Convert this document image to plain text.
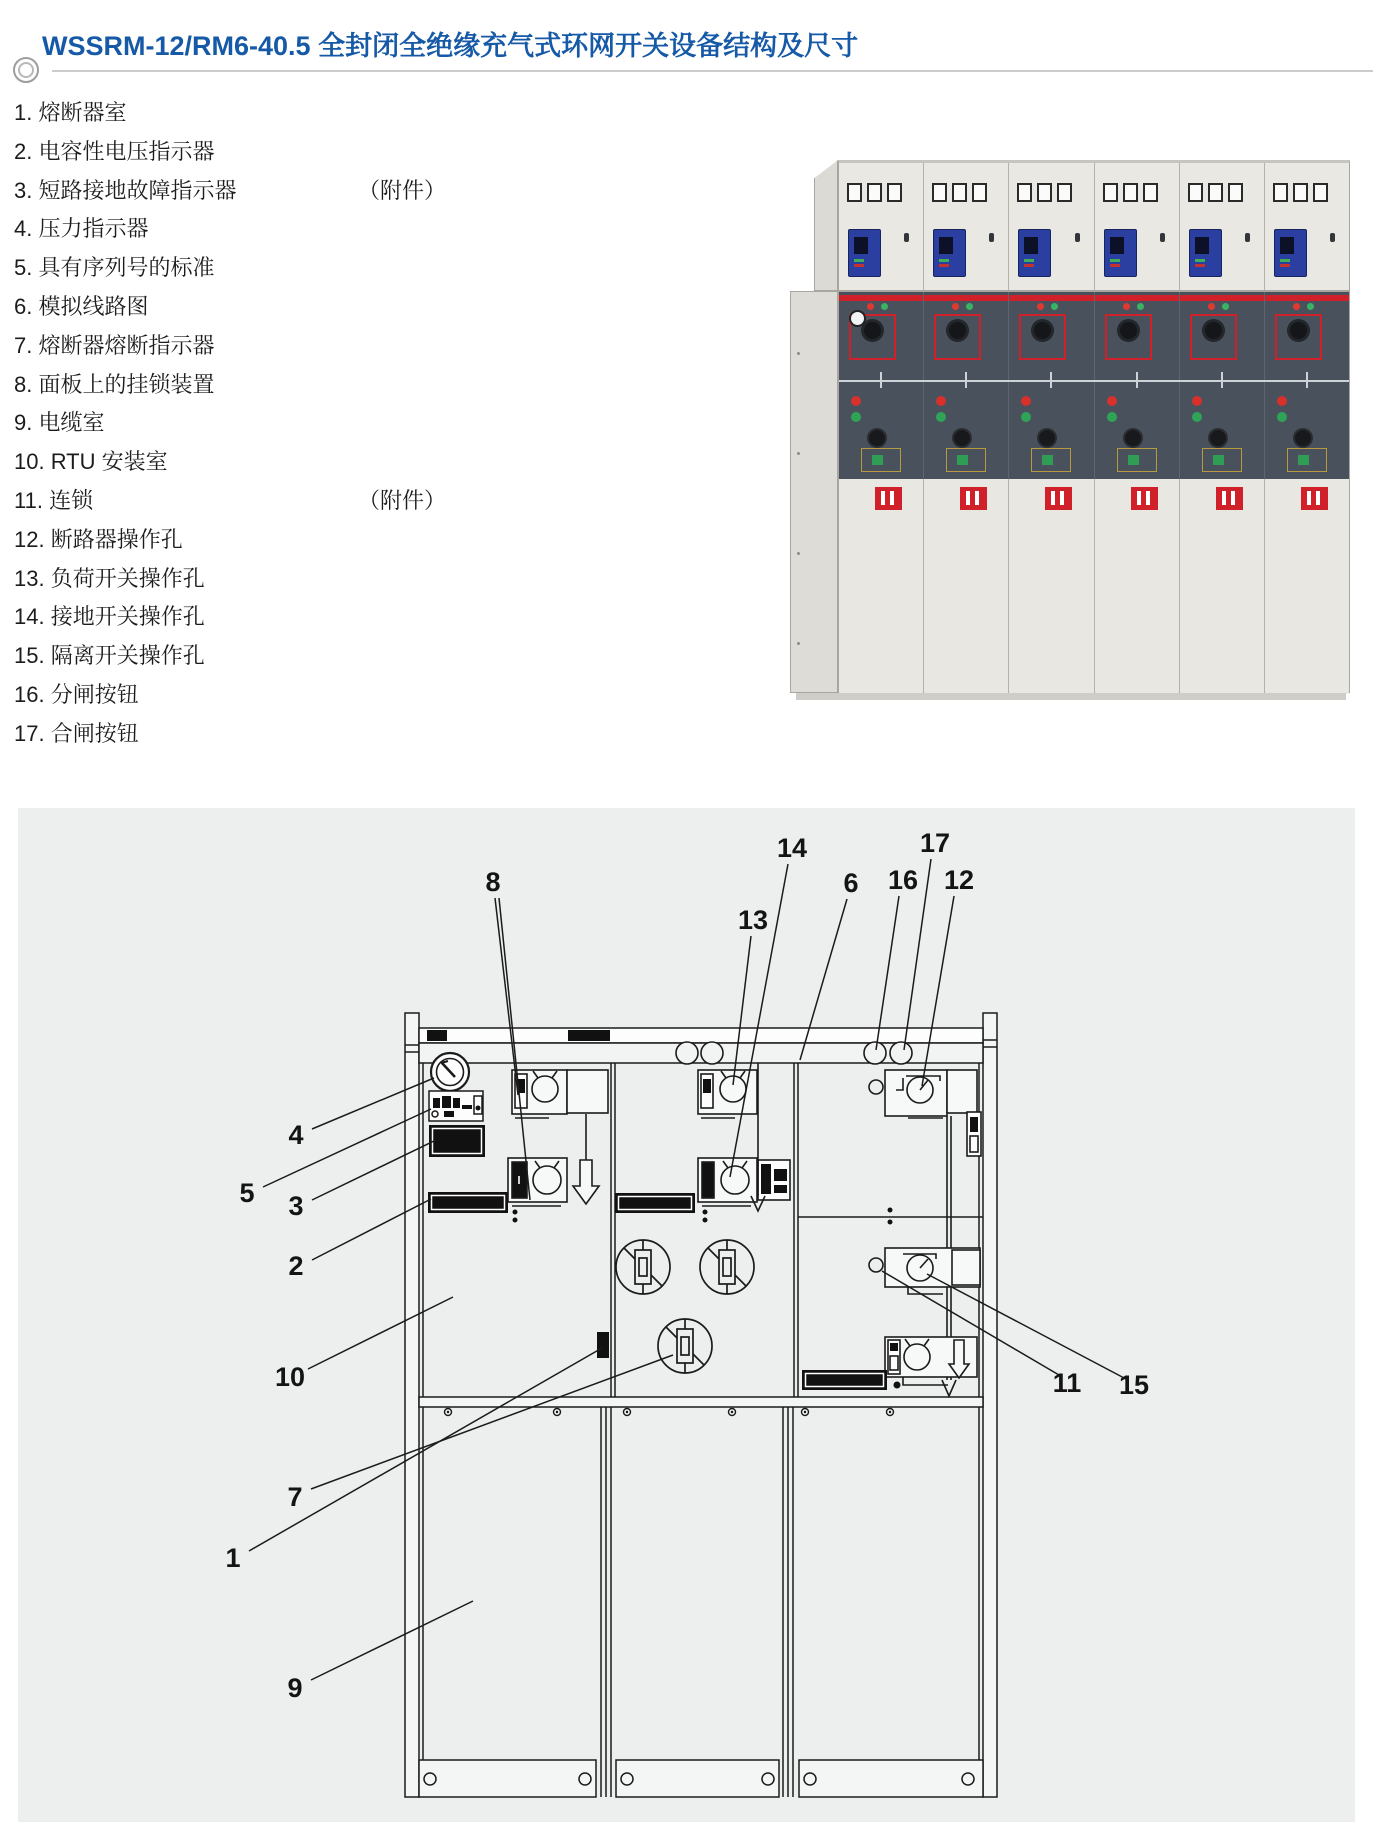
WSSRM-12/RM6-40.5 全封闭全绝缘充气式环网开关设备结构及尺寸
1. 熔断器室
2. 电容性电压指示器
3. 短路接地故障指示器	（附件）
4. 压力指示器
5. 具有序列号的标准
6. 模拟线路图
7. 熔断器熔断指示器
8. 面板上的挂锁装置
9. 电缆室
10. RTU 安装室
11. 连锁	（附件）
12. 断路器操作孔
13. 负荷开关操作孔
14. 接地开关操作孔
15. 隔离开关操作孔
16. 分闸按钮
17. 合闸按钮
8
13
14
6 16
17
12
4
5 3
2
10
7
1
9
11 15
